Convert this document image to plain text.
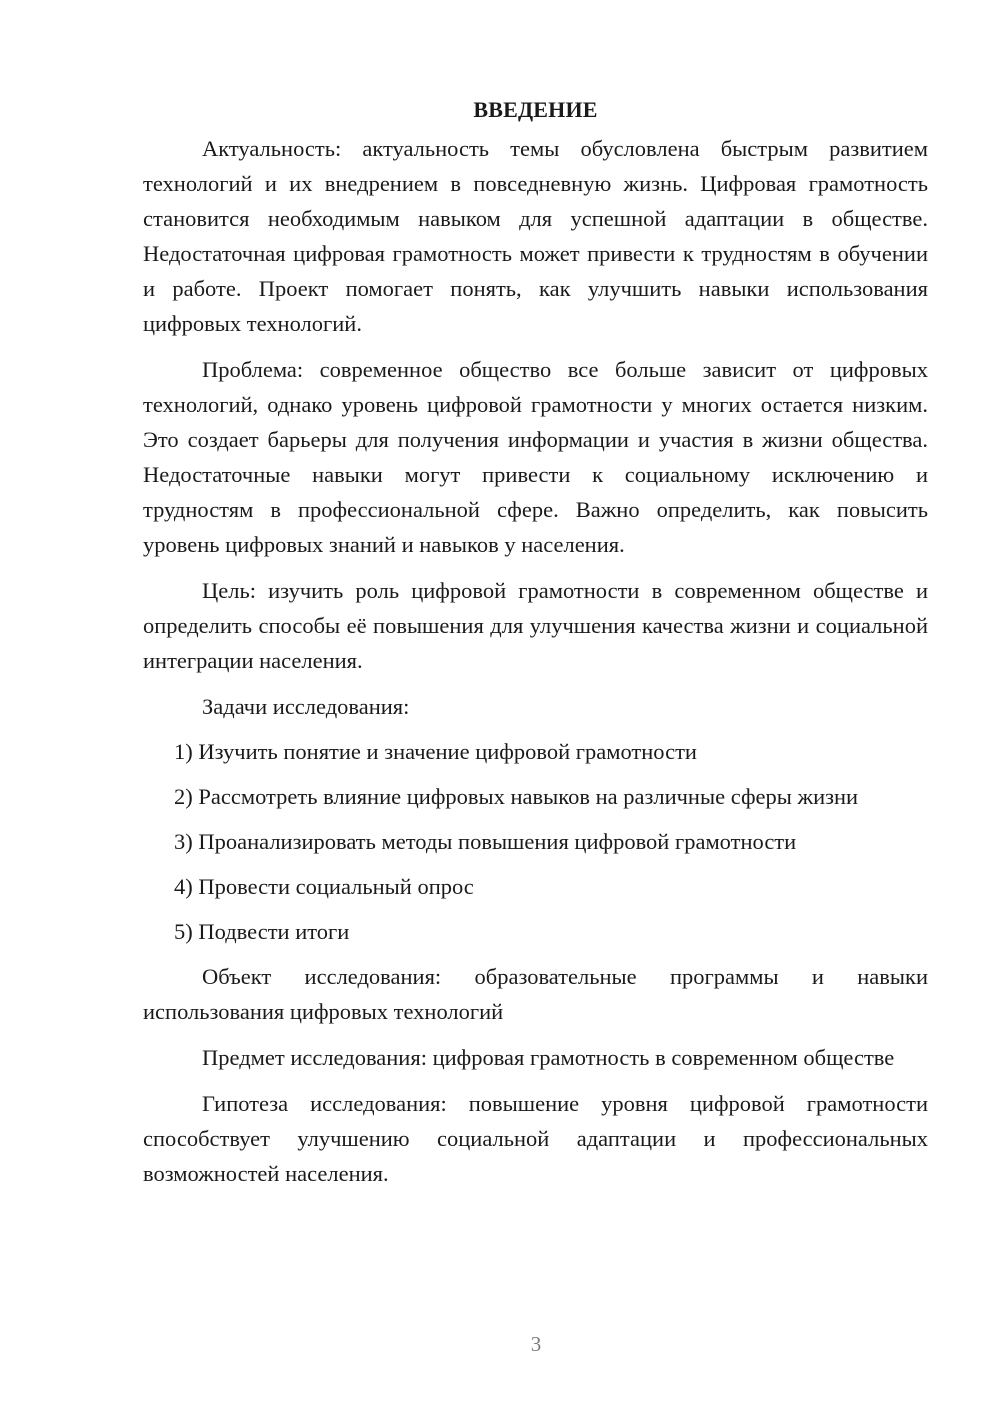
ВВЕДЕНИЕ

Актуальность: актуальность темы обусловлена быстрым развитием технологий и их внедрением в повседневную жизнь. Цифровая грамотность становится необходимым навыком для успешной адаптации в обществе. Недостаточная цифровая грамотность может привести к трудностям в обучении и работе. Проект помогает понять, как улучшить навыки использования цифровых технологий.

Проблема: современное общество все больше зависит от цифровых технологий, однако уровень цифровой грамотности у многих остается низким. Это создает барьеры для получения информации и участия в жизни общества. Недостаточные навыки могут привести к социальному исключению и трудностям в профессиональной сфере. Важно определить, как повысить уровень цифровых знаний и навыков у населения.

Цель: изучить роль цифровой грамотности в современном обществе и определить способы её повышения для улучшения качества жизни и социальной интеграции населения.

Задачи исследования:

1) Изучить понятие и значение цифровой грамотности

2) Рассмотреть влияние цифровых навыков на различные сферы жизни

3) Проанализировать методы повышения цифровой грамотности

4) Провести социальный опрос

5) Подвести итоги

Объект исследования: образовательные программы и навыки использования цифровых технологий

Предмет исследования: цифровая грамотность в современном обществе

Гипотеза исследования: повышение уровня цифровой грамотности способствует улучшению социальной адаптации и профессиональных возможностей населения.

3
